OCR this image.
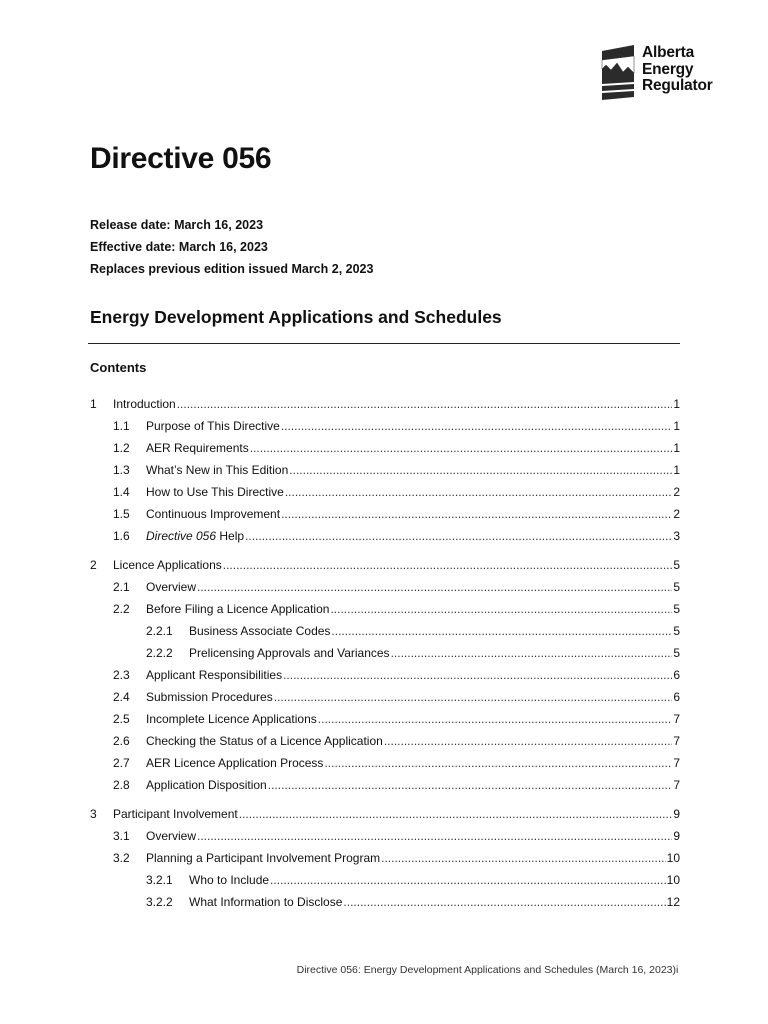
Alberta
Energy
Regulator
Directive 056
Release date: March 16, 2023
Effective date: March 16, 2023
Replaces previous edition issued March 2, 2023
Energy Development Applications and Schedules
Contents
1	Introduction .....	1
1.1	Purpose of This Directive .....	1
1.2	AER Requirements .....	1
1.3	What’s New in This Edition .....	1
1.4	How to Use This Directive .....	2
1.5	Continuous Improvement .....	2
1.6	Directive 056 Help .....	3
2	Licence Applications .....	5
2.1	Overview .....	5
2.2	Before Filing a Licence Application .....	5
2.2.1	Business Associate Codes .....	5
2.2.2	Prelicensing Approvals and Variances .....	5
2.3	Applicant Responsibilities .....	6
2.4	Submission Procedures .....	6
2.5	Incomplete Licence Applications .....	7
2.6	Checking the Status of a Licence Application .....	7
2.7	AER Licence Application Process .....	7
2.8	Application Disposition .....	7
3	Participant Involvement .....	9
3.1	Overview .....	9
3.2	Planning a Participant Involvement Program .....	10
3.2.1	Who to Include .....	10
3.2.2	What Information to Disclose .....	12
Directive 056: Energy Development Applications and Schedules (March 16, 2023) i
